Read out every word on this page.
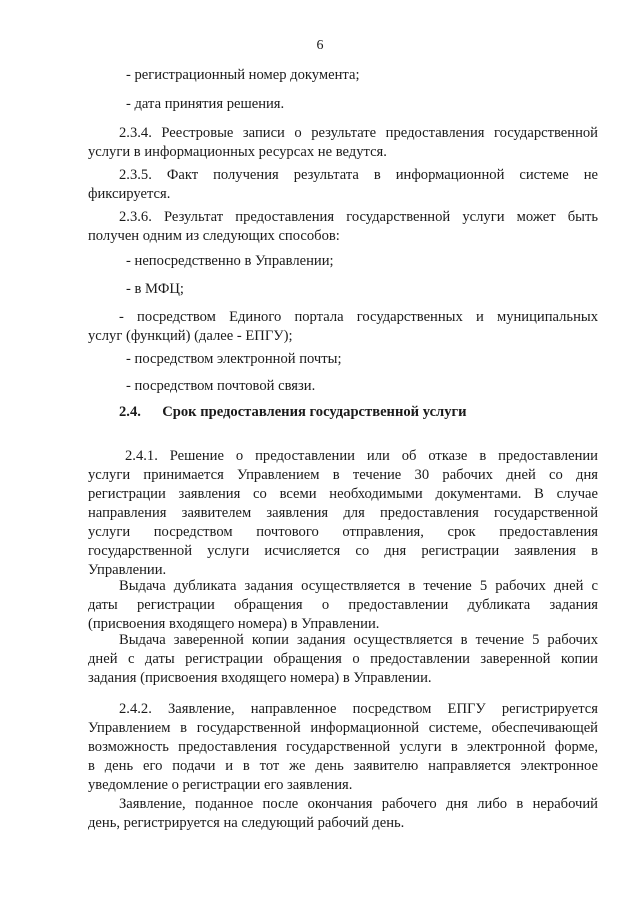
6

- регистрационный номер документа;

- дата принятия решения.

2.3.4. Реестровые записи о результате предоставления государственной
услуги в информационных ресурсах не ведутся.
2.3.5. Факт получения результата в информационной системе не
фиксируется.
2.3.6. Результат предоставления государственной услуги может быть
получен одним из следующих способов:

- непосредственно в Управлении;

- в МФЦ;

- посредством Единого портала государственных и муниципальных
услуг (функций) (далее - ЕПГУ);

- посредством электронной почты;

- посредством почтовой связи.

2.4. Срок предоставления государственной услуги
2.4.1. Решение о предоставлении или об отказе в предоставлении
услуги принимается Управлением в течение 30 рабочих дней со дня
регистрации заявления со всеми необходимыми документами. В случае
направления заявителем заявления для предоставления государственной
услуги посредством почтового отправления, срок предоставления
государственной услуги исчисляется со дня регистрации заявления в
Управлении.
Выдача дубликата задания осуществляется в течение 5 рабочих дней с
даты регистрации обращения о предоставлении дубликата задания
(присвоения входящего номера) в Управлении.
Выдача заверенной копии задания осуществляется в течение 5 рабочих
дней с даты регистрации обращения о предоставлении заверенной копии
задания (присвоения входящего номера) в Управлении.
2.4.2. Заявление, направленное посредством ЕПГУ регистрируется
Управлением в государственной информационной системе, обеспечивающей
возможность предоставления государственной услуги в электронной форме,
в день его подачи и в тот же день заявителю направляется электронное
уведомление о регистрации его заявления.
Заявление, поданное после окончания рабочего дня либо в нерабочий
день, регистрируется на следующий рабочий день.
